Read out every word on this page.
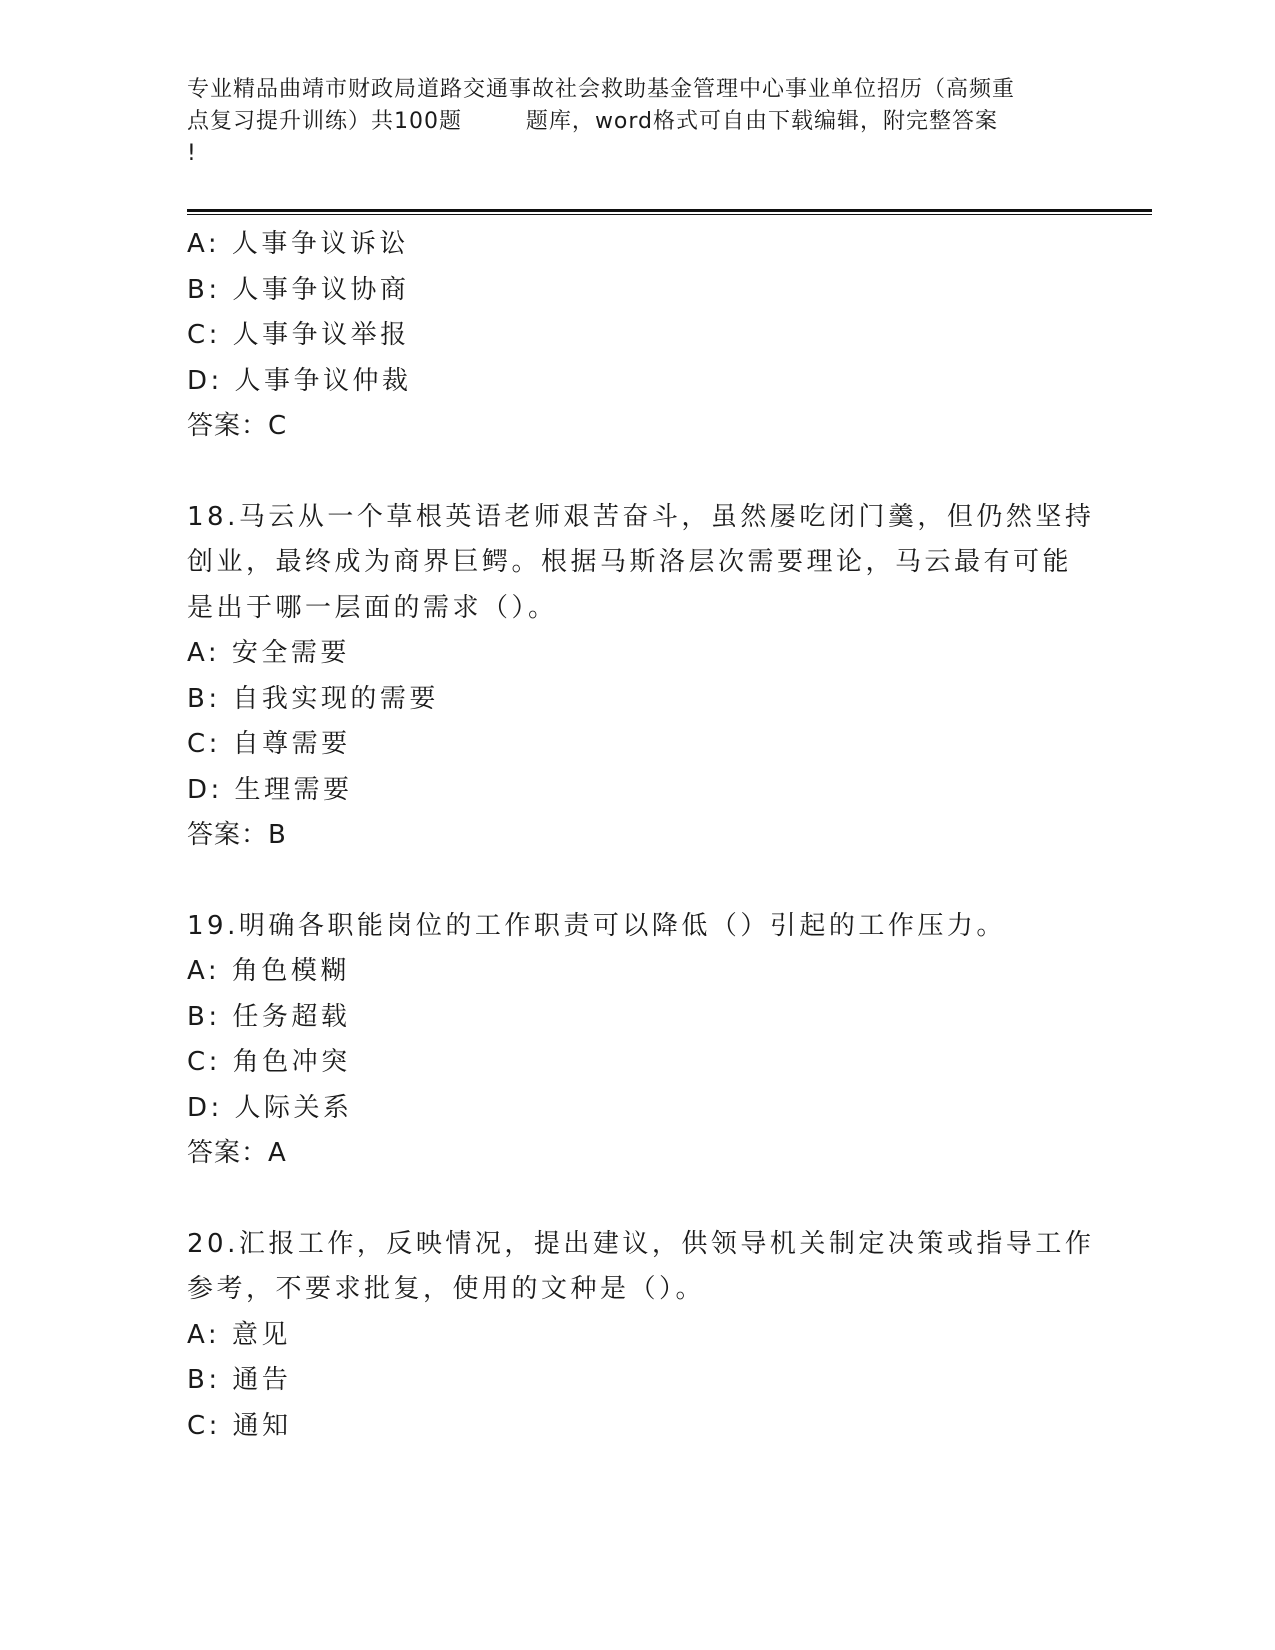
专业精品曲靖市财政局道路交通事故社会救助基金管理中心事业单位招历（高频重
点复习提升训练）共100题        题库，word格式可自由下载编辑，附完整答案
!
A: 人事争议诉讼
B: 人事争议协商
C: 人事争议举报
D: 人事争议仲裁
答案：C
18.马云从一个草根英语老师艰苦奋斗，虽然屡吃闭门羹，但仍然坚持
创业，最终成为商界巨鳄。根据马斯洛层次需要理论，马云最有可能
是出于哪一层面的需求（）。
A: 安全需要
B: 自我实现的需要
C: 自尊需要
D: 生理需要
答案：B
19.明确各职能岗位的工作职责可以降低（）引起的工作压力。
A: 角色模糊
B: 任务超载
C: 角色冲突
D: 人际关系
答案：A
20.汇报工作，反映情况，提出建议，供领导机关制定决策或指导工作
参考，不要求批复，使用的文种是（）。
A: 意见
B: 通告
C: 通知
